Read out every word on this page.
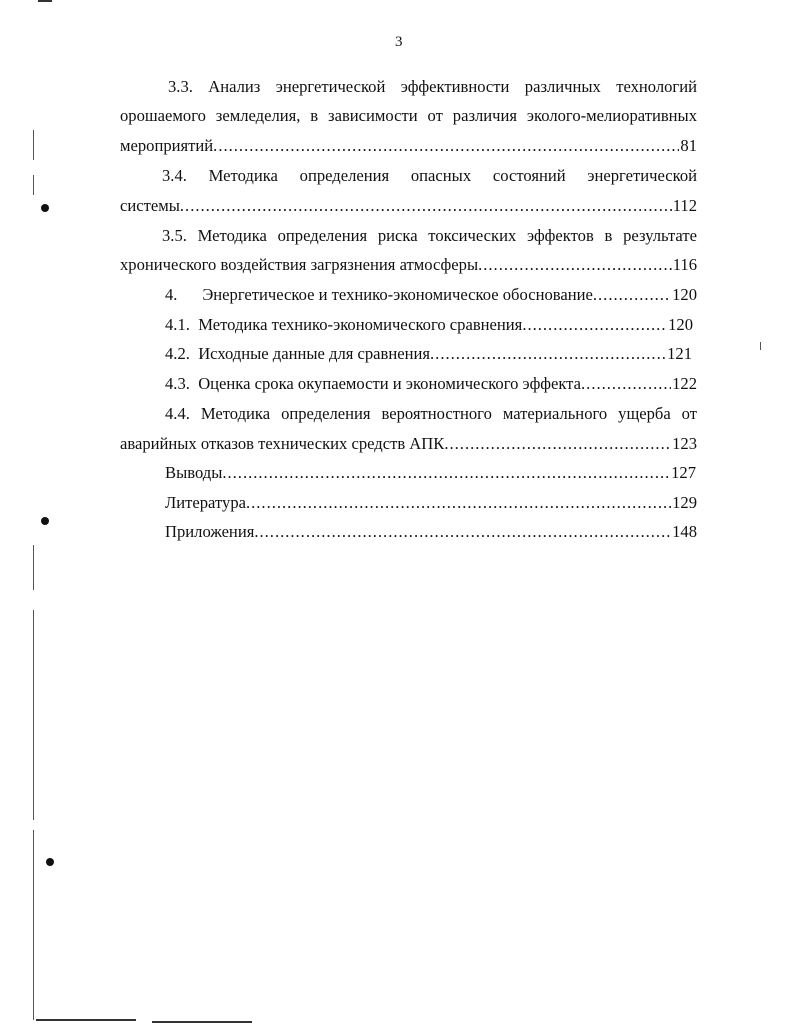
3
3.3. Анализ энергетической эффективности различных технологий
орошаемого земледелия, в зависимости от различия эколого-мелиоративных
мероприятий .....	81
3.4. Методика определения опасных состояний энергетической
системы .....	112
3.5. Методика определения риска токсических эффектов в результате
хронического воздействия загрязнения атмосферы .....	116
4.      Энергетическое и технико-экономическое обоснование .....	120
4.1.  Методика технико-экономического сравнения .....	120
4.2.  Исходные данные для сравнения .....	121
4.3.  Оценка срока окупаемости и экономического эффекта .....	122
4.4. Методика определения вероятностного материального ущерба от
аварийных отказов технических средств АПК .....	123
Выводы .....	127
Литература .....	129
Приложения .....	148
